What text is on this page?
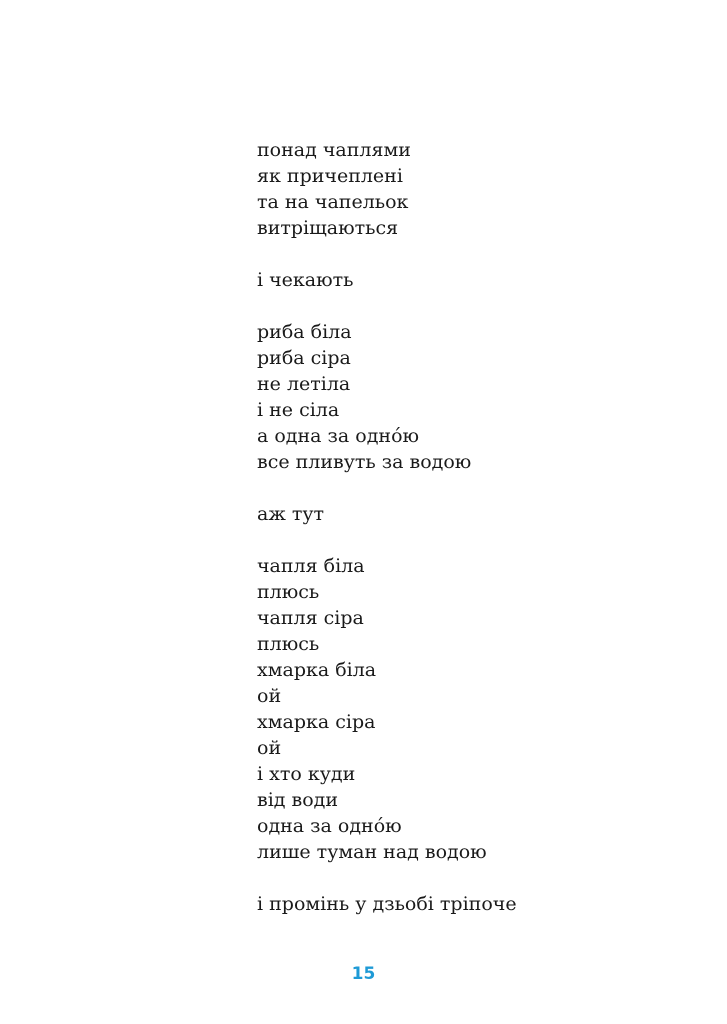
понад чаплями
як причеплені
та на чапельок
витріщаються
і чекають
риба біла
риба сіра
не летіла
і не сіла
а одна за однóю
все пливуть за водою
аж тут
чапля біла
плюсь
чапля сіра
плюсь
хмарка біла
ой
хмарка сіра
ой
і хто куди
від води
одна за однóю
лише туман над водою
і промінь у дзьобі тріпоче
15
